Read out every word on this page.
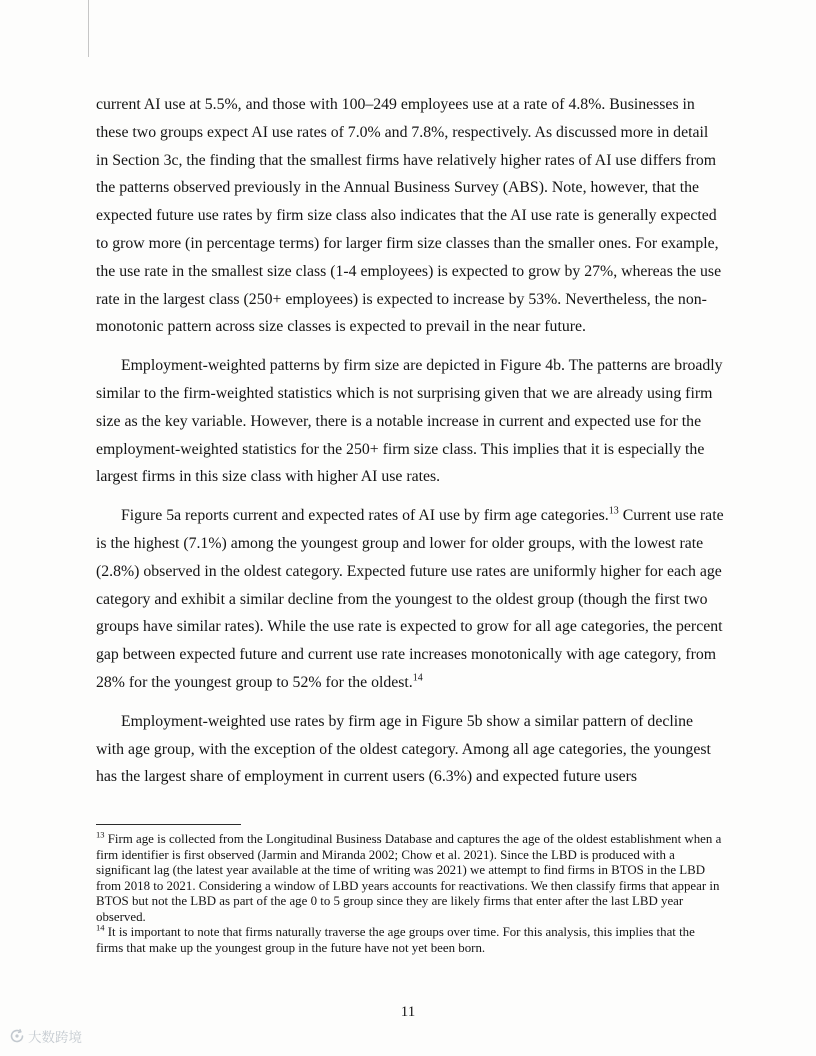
current AI use at 5.5%, and those with 100–249 employees use at a rate of 4.8%. Businesses in these two groups expect AI use rates of 7.0% and 7.8%, respectively. As discussed more in detail in Section 3c, the finding that the smallest firms have relatively higher rates of AI use differs from the patterns observed previously in the Annual Business Survey (ABS). Note, however, that the expected future use rates by firm size class also indicates that the AI use rate is generally expected to grow more (in percentage terms) for larger firm size classes than the smaller ones. For example, the use rate in the smallest size class (1-4 employees) is expected to grow by 27%, whereas the use rate in the largest class (250+ employees) is expected to increase by 53%. Nevertheless, the non-monotonic pattern across size classes is expected to prevail in the near future.

Employment-weighted patterns by firm size are depicted in Figure 4b. The patterns are broadly similar to the firm-weighted statistics which is not surprising given that we are already using firm size as the key variable. However, there is a notable increase in current and expected use for the employment-weighted statistics for the 250+ firm size class. This implies that it is especially the largest firms in this size class with higher AI use rates.

Figure 5a reports current and expected rates of AI use by firm age categories.$^{13}$ Current use rate is the highest (7.1%) among the youngest group and lower for older groups, with the lowest rate (2.8%) observed in the oldest category. Expected future use rates are uniformly higher for each age category and exhibit a similar decline from the youngest to the oldest group (though the first two groups have similar rates). While the use rate is expected to grow for all age categories, the percent gap between expected future and current use rate increases monotonically with age category, from 28% for the youngest group to 52% for the oldest.$^{14}$

Employment-weighted use rates by firm age in Figure 5b show a similar pattern of decline with age group, with the exception of the oldest category. Among all age categories, the youngest has the largest share of employment in current users (6.3%) and expected future users

$^{13}$ Firm age is collected from the Longitudinal Business Database and captures the age of the oldest establishment when a firm identifier is first observed (Jarmin and Miranda 2002; Chow et al. 2021). Since the LBD is produced with a significant lag (the latest year available at the time of writing was 2021) we attempt to find firms in BTOS in the LBD from 2018 to 2021. Considering a window of LBD years accounts for reactivations. We then classify firms that appear in BTOS but not the LBD as part of the age 0 to 5 group since they are likely firms that enter after the last LBD year observed.
$^{14}$ It is important to note that firms naturally traverse the age groups over time. For this analysis, this implies that the firms that make up the youngest group in the future have not yet been born.
11
大数跨境
